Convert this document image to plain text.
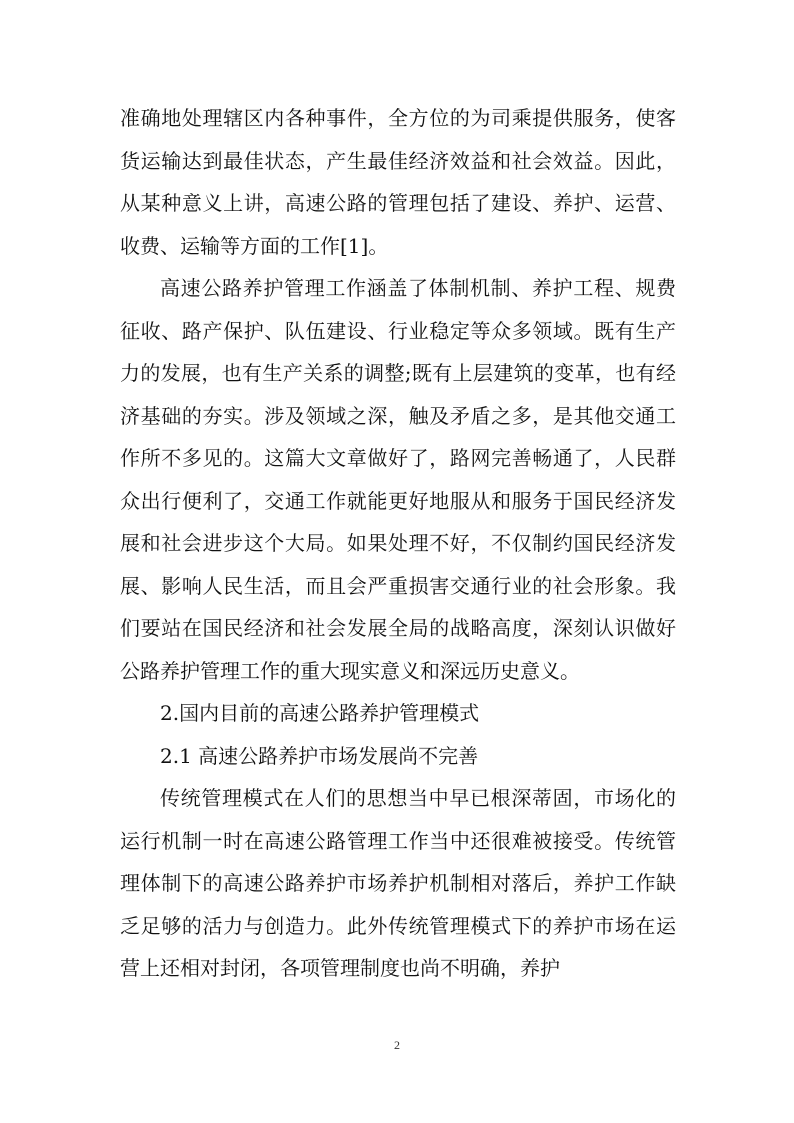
准确地处理辖区内各种事件，全方位的为司乘提供服务，使客货运输达到最佳状态，产生最佳经济效益和社会效益。因此，从某种意义上讲，高速公路的管理包括了建设、养护、运营、收费、运输等方面的工作[1]。

高速公路养护管理工作涵盖了体制机制、养护工程、规费征收、路产保护、队伍建设、行业稳定等众多领域。既有生产力的发展，也有生产关系的调整;既有上层建筑的变革，也有经济基础的夯实。涉及领域之深，触及矛盾之多，是其他交通工作所不多见的。这篇大文章做好了，路网完善畅通了，人民群众出行便利了，交通工作就能更好地服从和服务于国民经济发展和社会进步这个大局。如果处理不好，不仅制约国民经济发展、影响人民生活，而且会严重损害交通行业的社会形象。我们要站在国民经济和社会发展全局的战略高度，深刻认识做好公路养护管理工作的重大现实意义和深远历史意义。

2.国内目前的高速公路养护管理模式

2.1 高速公路养护市场发展尚不完善

传统管理模式在人们的思想当中早已根深蒂固，市场化的运行机制一时在高速公路管理工作当中还很难被接受。传统管理体制下的高速公路养护市场养护机制相对落后，养护工作缺乏足够的活力与创造力。此外传统管理模式下的养护市场在运营上还相对封闭，各项管理制度也尚不明确，养护

2
